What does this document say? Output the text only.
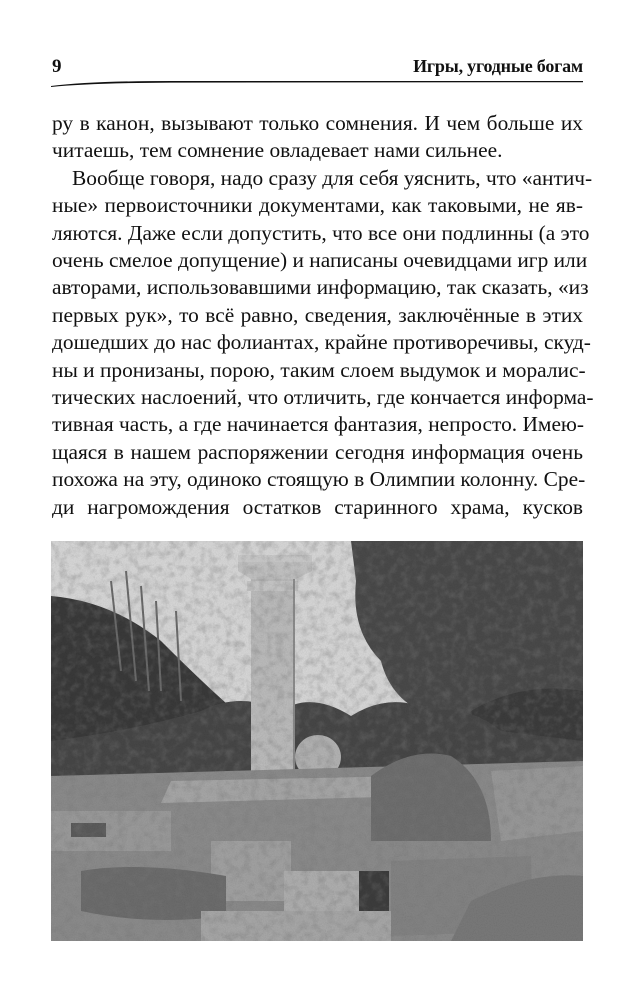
9	Игры, угодные богам
ру в канон, вызывают только сомнения. И чем больше их
читаешь, тем сомнение овладевает нами сильнее.
Вообще говоря, надо сразу для себя уяснить, что «антич-
ные» первоисточники документами, как таковыми, не яв-
ляются. Даже если допустить, что все они подлинны (а это
очень смелое допущение) и написаны очевидцами игр или
авторами, использовавшими информацию, так сказать, «из
первых рук», то всё равно, сведения, заключённые в этих
дошедших до нас фолиантах, крайне противоречивы, скуд-
ны и пронизаны, порою, таким слоем выдумок и моралис-
тических наслоений, что отличить, где кончается информа-
тивная часть, а где начинается фантазия, непросто. Имею-
щаяся в нашем распоряжении сегодня информация очень
похожа на эту, одиноко стоящую в Олимпии колонну. Сре-
ди нагромождения остатков старинного храма, кусков
